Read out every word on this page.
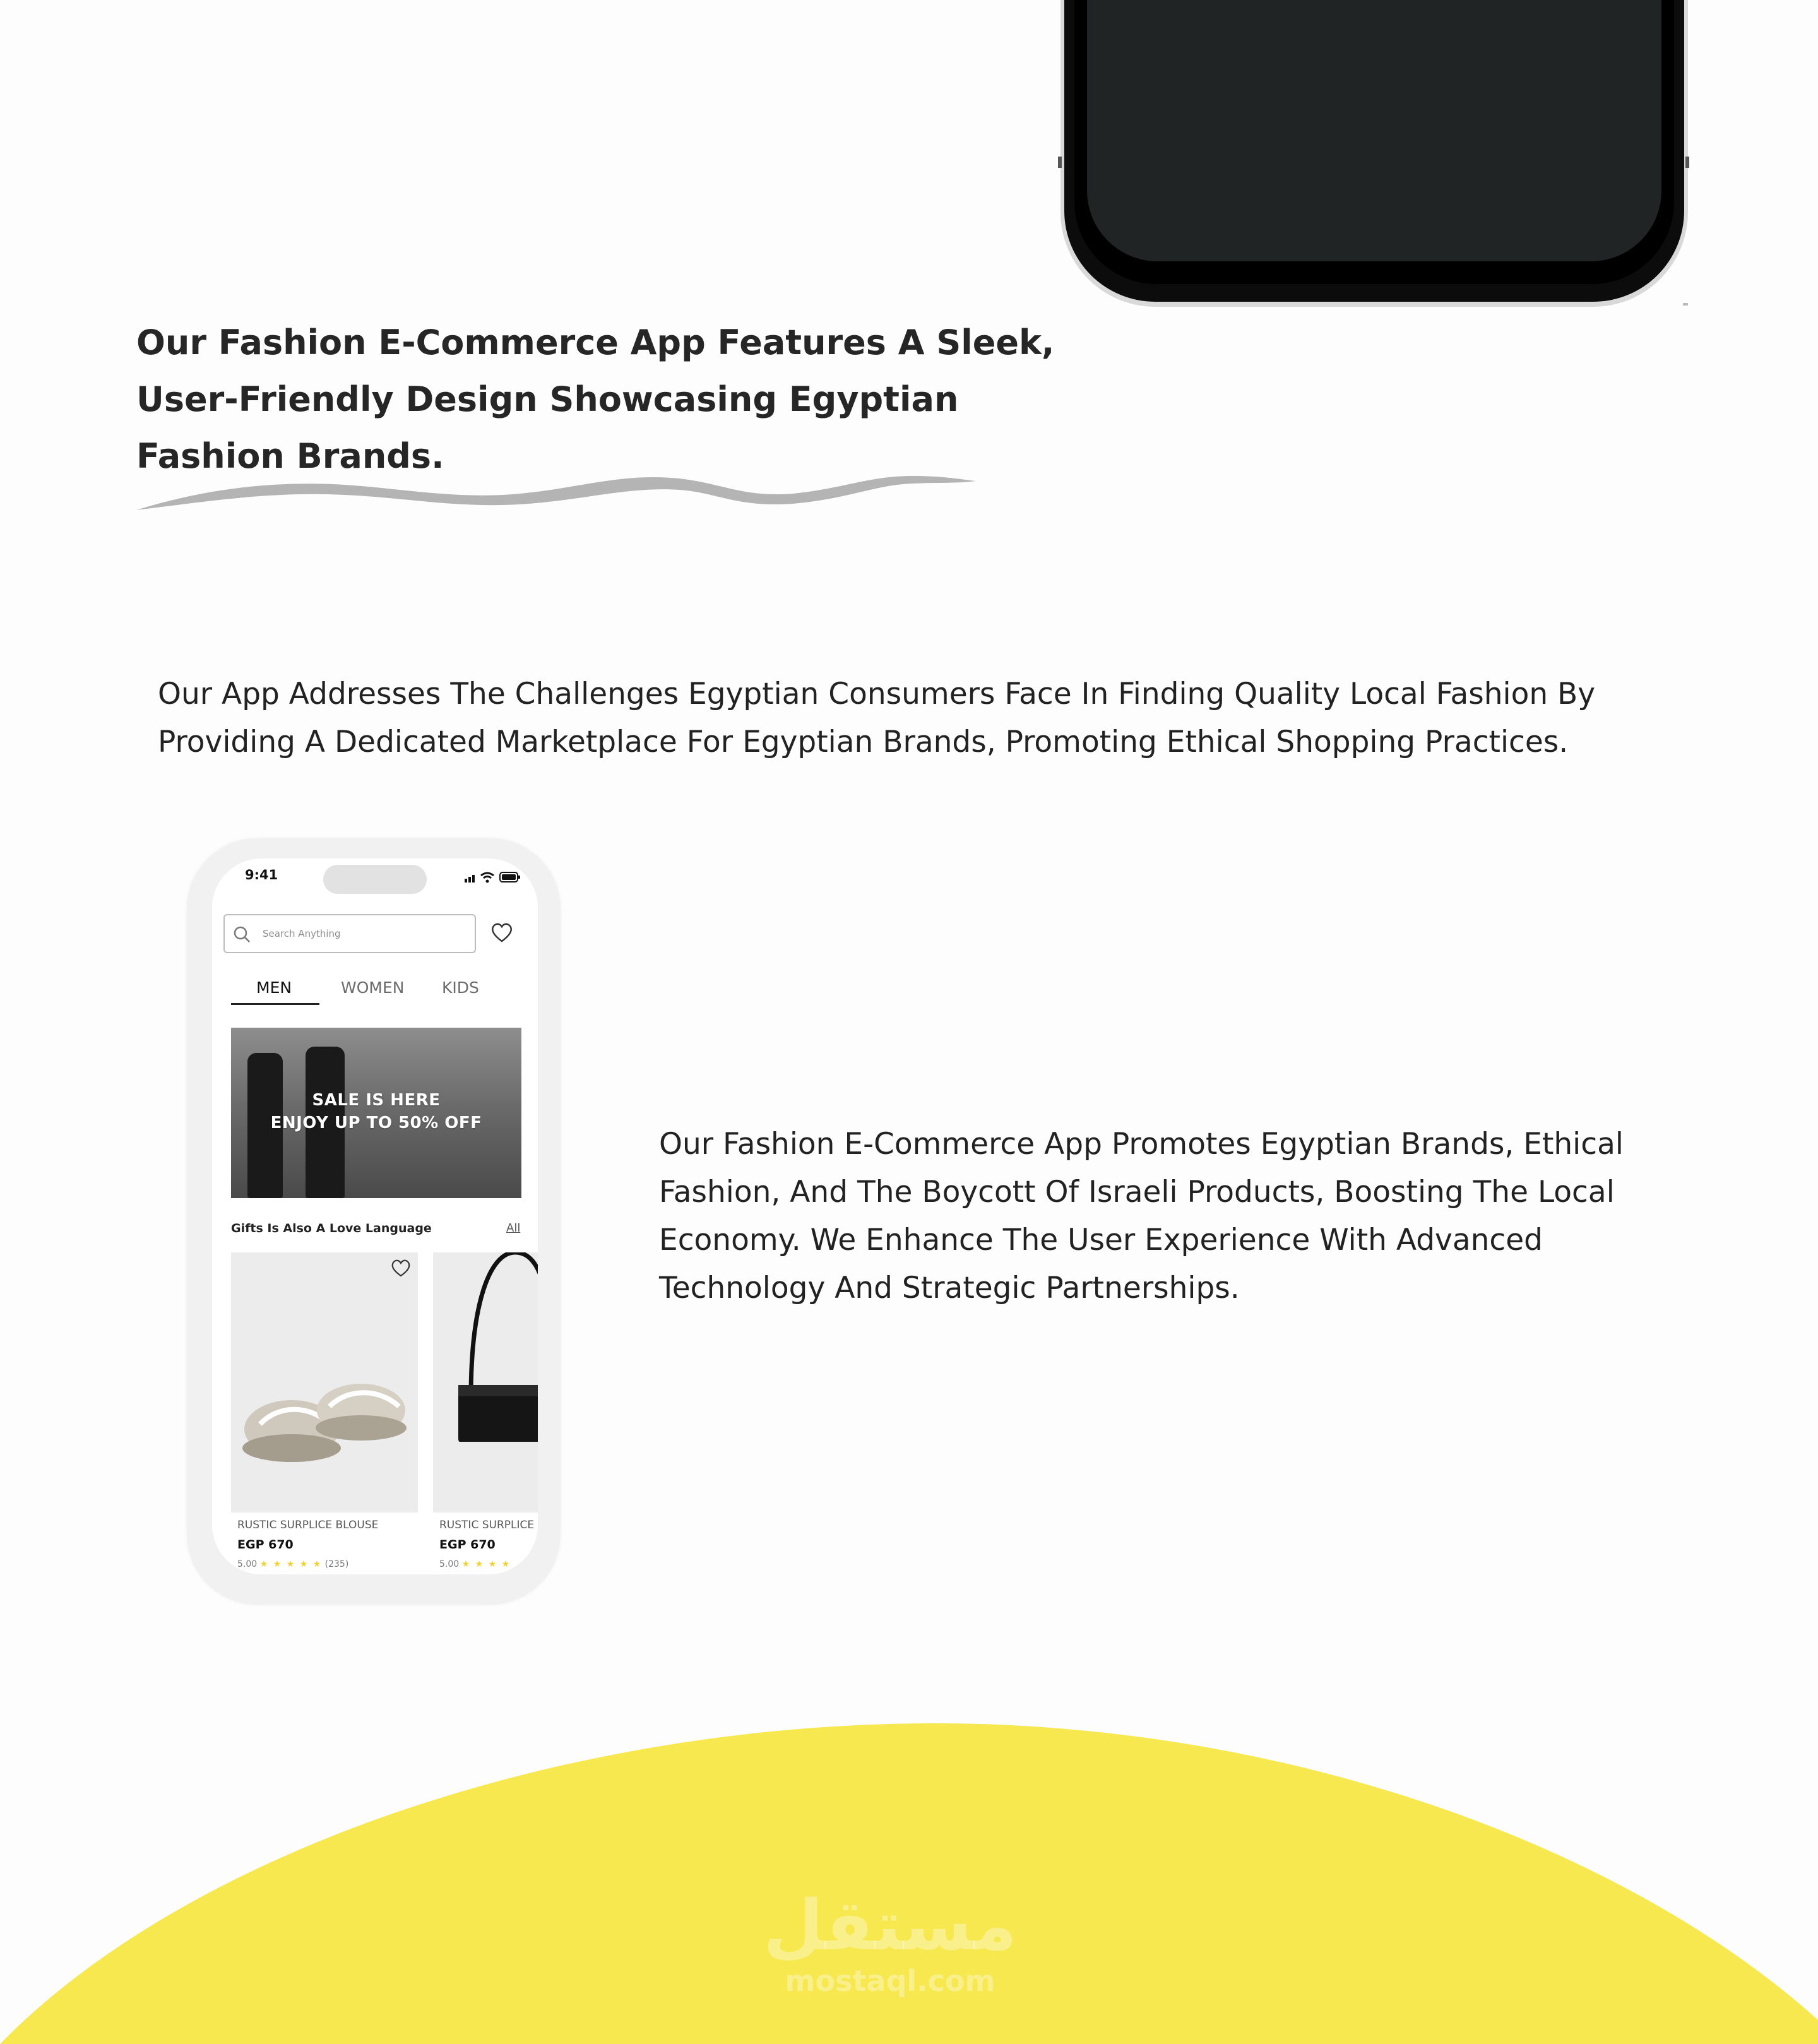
Our Fashion E-Commerce App Features A Sleek, User-Friendly Design Showcasing Egyptian Fashion Brands.
Our App Addresses The Challenges Egyptian Consumers Face In Finding Quality Local Fashion By Providing A Dedicated Marketplace For Egyptian Brands, Promoting Ethical Shopping Practices.
9:41
Search Anything
MEN	WOMEN KIDS
SALE IS HERE
ENJOY UP TO 50% OFF
Gifts Is Also A Love Language	All
RUSTIC SURPLICE BLOUSE
EGP 670
5.00 ★ ★ ★ ★ ★ (235)
RUSTIC SURPLICE
EGP 670
5.00 ★ ★ ★ ★
Our Fashion E-Commerce App Promotes Egyptian Brands, Ethical Fashion, And The Boycott Of Israeli Products, Boosting The Local Economy. We Enhance The User Experience With Advanced Technology And Strategic Partnerships.
مستقل
mostaql.com
